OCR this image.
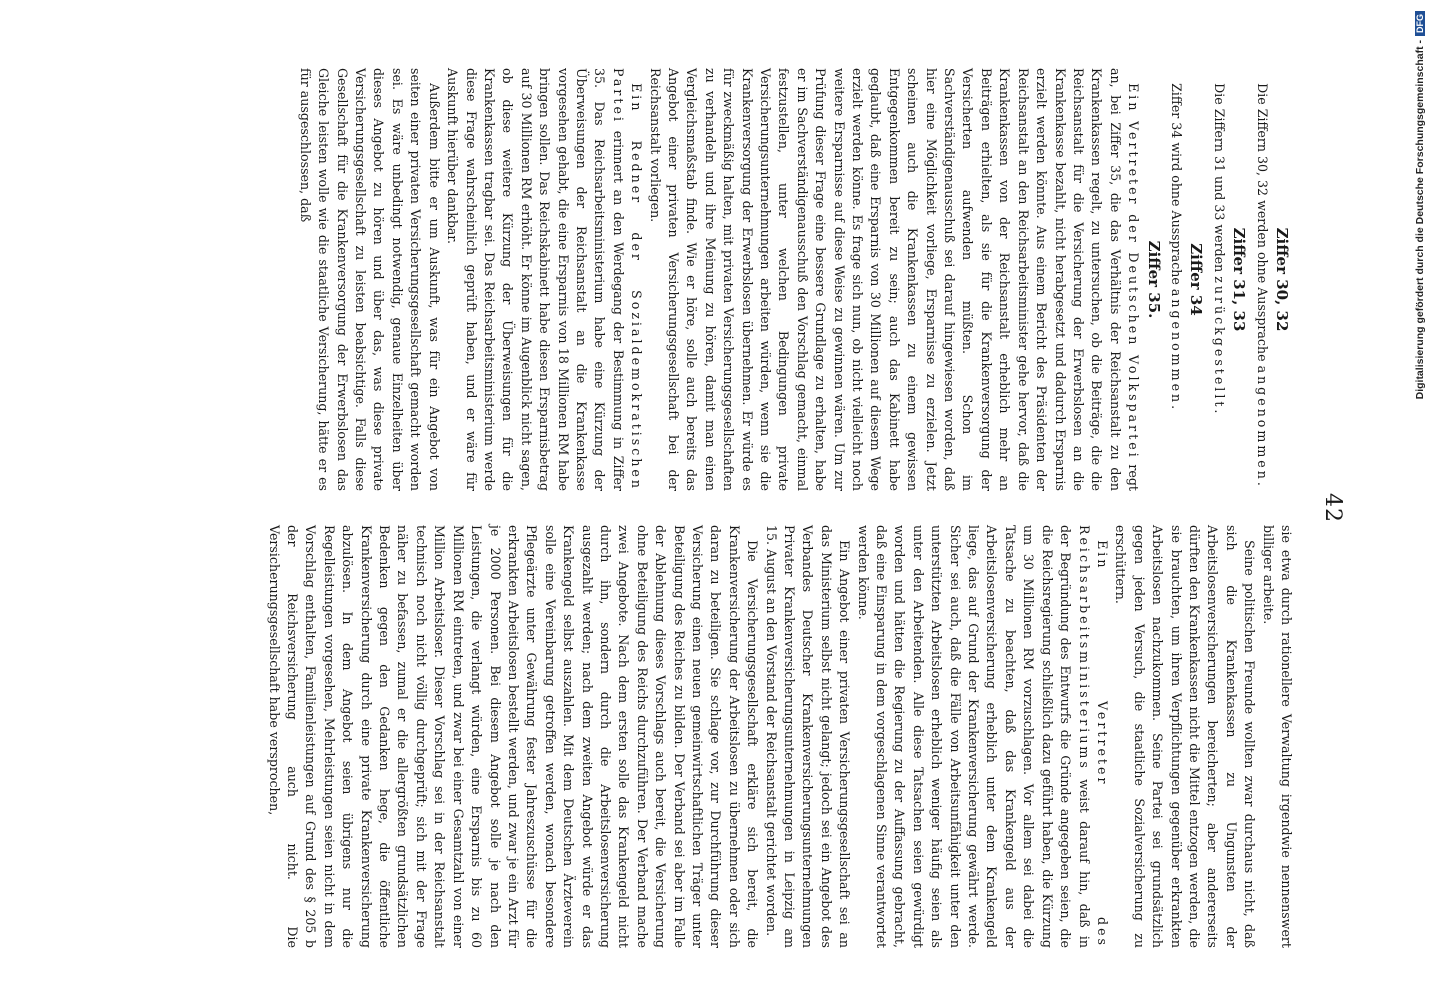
42
Ziffer 30, 32

Die Ziffern 30, 32 werden ohne Aussprache angenommen.

Ziffer 31, 33

Die Ziffern 31 und 33 werden zurückgestellt.

Ziffer 34

Ziffer 34 wird ohne Aussprache angenommen.

Ziffer 35.

Ein Vertreter der Deutschen Volkspartei regt an, bei Ziffer 35, die das Verhältnis der Reichsanstalt zu den Krankenkassen regelt, zu untersuchen, ob die Beiträge, die die Reichsanstalt für die Versicherung der Erwerbslosen an die Krankenkasse bezahlt, nicht herabgesetzt und dadurch Ersparnis erzielt werden könnte. Aus einem Bericht des Präsidenten der Reichsanstalt an den Reichsarbeitsminister gehe hervor, daß die Krankenkassen von der Reichsanstalt erheblich mehr an Beiträgen erhielten, als sie für die Krankenversorgung der Versicherten aufwenden müßten. Schon im Sachverständigenausschuß sei darauf hingewiesen worden, daß hier eine Möglichkeit vorliege, Ersparnisse zu erzielen. Jetzt scheinen auch die Krankenkassen zu einem gewissen Entgegenkommen bereit zu sein; auch das Kabinett habe geglaubt, daß eine Ersparnis von 30 Millionen auf diesem Wege erzielt werden könne. Es frage sich nun, ob nicht vielleicht noch weitere Ersparnisse auf diese Weise zu gewinnen wären. Um zur Prüfung dieser Frage eine bessere Grundlage zu erhalten, habe er im Sachverständigenausschuß den Vorschlag gemacht, einmal festzustellen, unter welchen Bedingungen private Versicherungsunternehmungen arbeiten würden, wenn sie die Krankenversorgung der Erwerbslosen übernehmen. Er würde es für zweckmäßig halten, mit privaten Versicherungsgesellschaften zu verhandeln und ihre Meinung zu hören, damit man einen Vergleichsmaßstab finde. Wie er höre, solle auch bereits das Angebot einer privaten Versicherungsgesellschaft bei der Reichsanstalt vorliegen.

Ein Redner der Sozialdemokratischen Partei erinnert an den Werdegang der Bestimmung in Ziffer 35. Das Reichsarbeitsministerium habe eine Kürzung der Überweisungen der Reichsanstalt an die Krankenkasse vorgesehen gehabt, die eine Ersparnis von 18 Millionen RM habe bringen sollen. Das Reichskabinett habe diesen Ersparnisbetrag auf 30 Millionen RM erhöht. Er könne im Augenblick nicht sagen, ob diese weitere Kürzung der Überweisungen für die Krankenkassen tragbar sei. Das Reichsarbeitsministerium werde diese Frage wahrscheinlich geprüft haben, und er wäre für Auskunft hierüber dankbar.

Außerdem bitte er um Auskunft, was für ein Angebot von seiten einer privaten Versicherungsgesellschaft gemacht worden sei. Es wäre unbedingt notwendig, genaue Einzelheiten über dieses Angebot zu hören und über das, was diese private Versicherungsgesellschaft zu leisten beabsichtige. Falls diese Gesellschaft für die Krankenversorgung der Erwerbslosen das Gleiche leisten wolle wie die staatliche Versicherung, hätte er es für ausgeschlossen, daß

sie etwa durch rationellere Verwaltung irgendwie nennenswert billiger arbeite.

Seine politischen Freunde wollten zwar durchaus nicht, daß sich die Krankenkassen zu Ungunsten der Arbeitslosenversicherungen bereicherten; aber andererseits dürften den Krankenkassen nicht die Mittel entzogen werden, die sie brauchten, um ihren Verpflichtungen gegenüber erkrankten Arbeitslosen nachzukommen. Seine Partei sei grundsätzlich gegen jeden Versuch, die staatliche Sozialversicherung zu erschüttern.

Ein Vertreter des Reichsarbeitsministeriums weist darauf hin, daß in der Begründung des Entwurfs die Gründe angegeben seien, die die Reichsregierung schließlich dazu geführt haben, die Kürzung um 30 Millionen RM vorzuschlagen. Vor allem sei dabei die Tatsache zu beachten, daß das Krankengeld aus der Arbeitslosenversicherung erheblich unter dem Krankengeld liege, das auf Grund der Krankenversicherung gewährt werde. Sicher sei auch, daß die Fälle von Arbeitsunfähigkeit unter den unterstützten Arbeitslosen erheblich weniger häufig seien als unter den Arbeitenden. Alle diese Tatsachen seien gewürdigt worden und hätten die Regierung zu der Auffassung gebracht, daß eine Einsparung in dem vorgeschlagenen Sinne verantwortet werden könne.

Ein Angebot einer privaten Versicherungsgesellschaft sei an das Ministerium selbst nicht gelangt; jedoch sei ein Angebot des Verbandes Deutscher Krankenversicherungsunternehmungen Privater Krankenversicherungsunternehmungen in Leipzig am 15. August an den Vorstand der Reichsanstalt gerichtet worden.

Die Versicherungsgesellschaft erkläre sich bereit, die Krankenversicherung der Arbeitslosen zu übernehmen oder sich daran zu beteiligen. Sie schlage vor, zur Durchführung dieser Versicherung einen neuen gemeinwirtschaftlichen Träger unter Beteiligung des Reiches zu bilden. Der Verband sei aber im Falle der Ablehnung dieses Vorschlags auch bereit, die Versicherung ohne Beteiligung des Reichs durchzuführen. Der Verband mache zwei Angebote. Nach dem ersten solle das Krankengeld nicht durch ihn, sondern durch die Arbeitslosenversicherung ausgezahlt werden; nach dem zweiten Angebot würde er das Krankengeld selbst auszahlen. Mit dem Deutschen Ärzteverein solle eine Vereinbarung getroffen werden, wonach besondere Pflegeärzte unter Gewährung fester Jahreszuschüsse für die erkrankten Arbeitslosen bestellt werden, und zwar je ein Arzt für je 2000 Personen. Bei diesem Angebot solle je nach den Leistungen, die verlangt würden, eine Ersparnis bis zu 60 Millionen RM eintreten, und zwar bei einer Gesamtzahl von einer Million Arbeitsloser. Dieser Vorschlag sei in der Reichsanstalt technisch noch nicht völlig durchgeprüft; sich mit der Frage näher zu befassen, zumal er die allergrößten grundsätzlichen Bedenken gegen den Gedanken hege, die öffentliche Krankenversicherung durch eine private Krankenversicherung abzulösen. In dem Angebot seien übrigens nur die Regelleistungen vorgesehen, Mehrleistungen seien nicht in dem Vorschlag enthalten, Familienleistungen auf Grund des § 205 b der Reichsversicherung auch nicht. Die Versicherungsgesellschaft habe versprochen,

Digitalisierung gefördert durch die Deutsche Forschungsgemeinschaft -DFG
